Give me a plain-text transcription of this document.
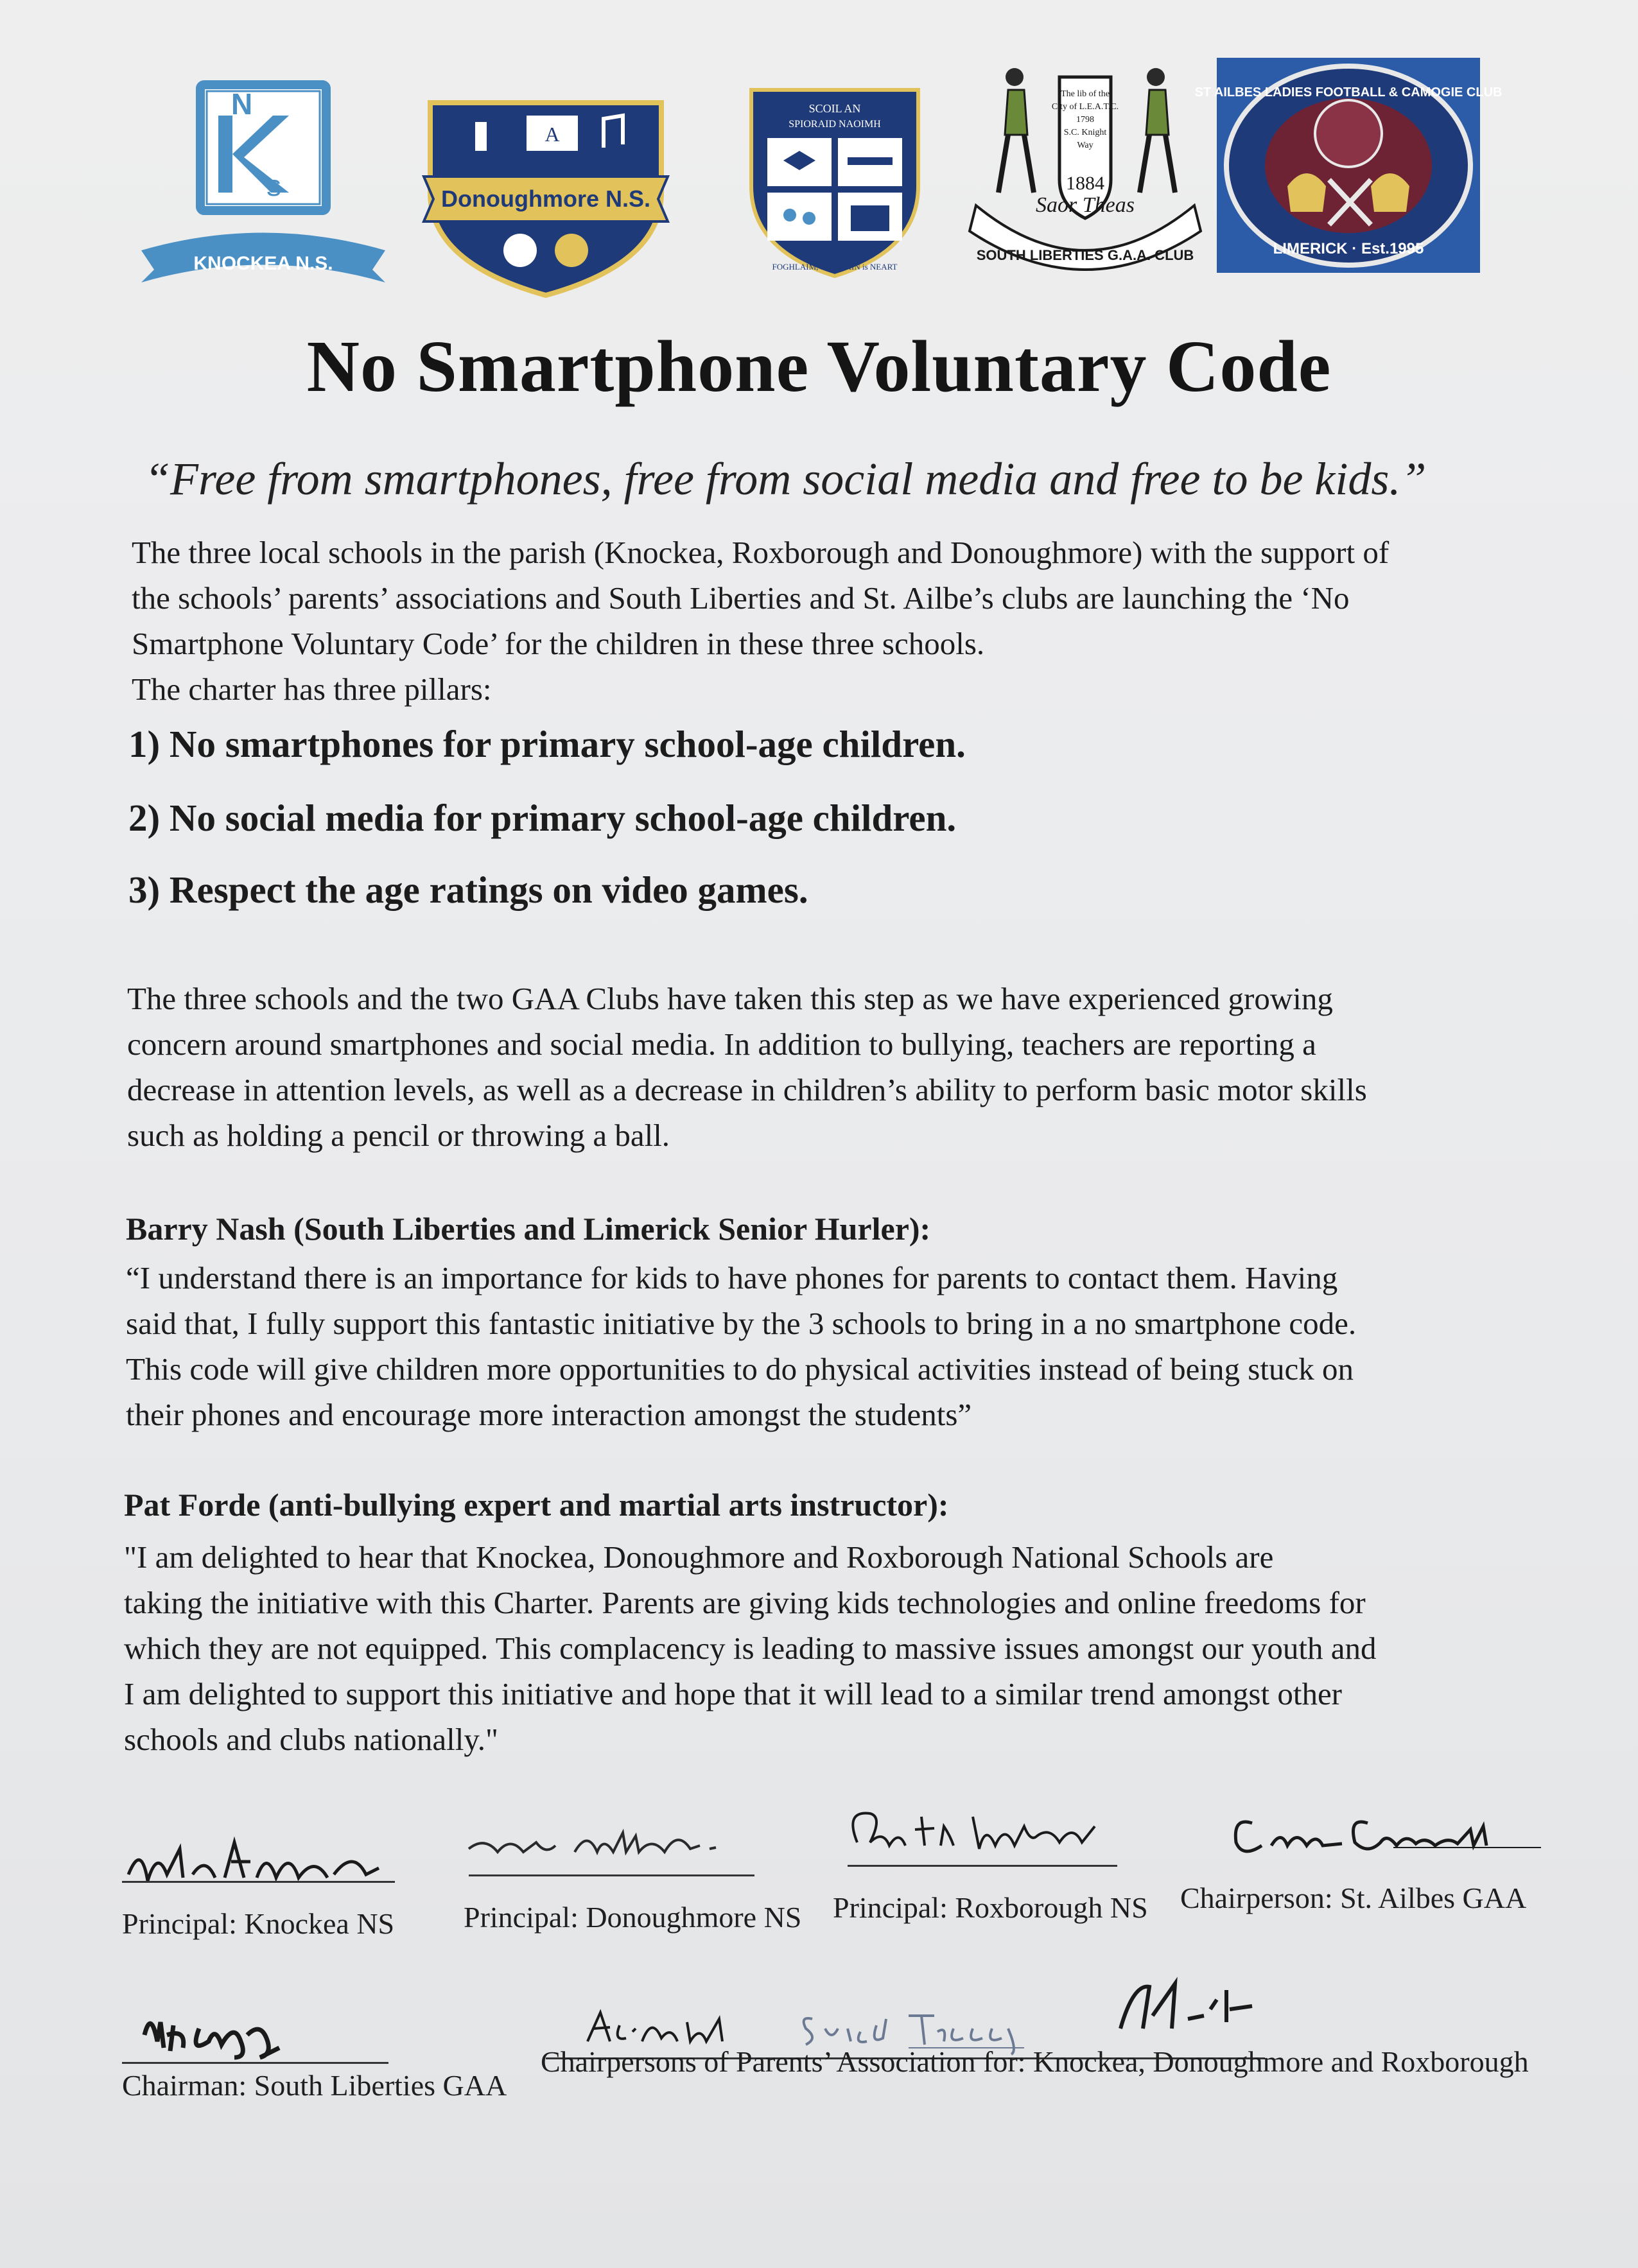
N
s
KNOCKEA N.S.
A
Donoughmore N.S.
SCOIL AN
SPIORAID NAOIMH
FOGHLAIM, SIOCHAIN is NEART
The lib of the
City of L.E.A.T.C.
1798
S.C. Knight
Way
1884
Saor Theas
SOUTH LIBERTIES G.A.A. CLUB
ST AILBES LADIES FOOTBALL & CAMOGIE CLUB
LIMERICK · Est.1995
No Smartphone Voluntary Code
“Free from smartphones, free from social media and free to be kids.”
The three local schools in the parish (Knockea, Roxborough and Donoughmore) with the support of
the schools’ parents’ associations and South Liberties and St. Ailbe’s clubs are launching the ‘No
Smartphone Voluntary Code’ for the children in these three schools.
The charter has three pillars:
1) No smartphones for primary school-age children.
2) No social media for primary school-age children.
3) Respect the age ratings on video games.
The three schools and the two GAA Clubs have taken this step as we have experienced growing
concern around smartphones and social media. In addition to bullying, teachers are reporting a
decrease in attention levels, as well as a decrease in children’s ability to perform basic motor skills
such as holding a pencil or throwing a ball.
Barry Nash (South Liberties and Limerick Senior Hurler):
“I understand there is an importance for kids to have phones for parents to contact them. Having
said that, I fully support this fantastic initiative by the 3 schools to bring in a no smartphone code.
This code will give children more opportunities to do physical activities instead of being stuck on
their phones and encourage more interaction amongst the students”
Pat Forde (anti-bullying expert and martial arts instructor):
"I am delighted to hear that Knockea, Donoughmore and Roxborough National Schools are
taking the initiative with this Charter. Parents are giving kids technologies and online freedoms for
which they are not equipped. This complacency is leading to massive issues amongst our youth and
I am delighted to support this initiative and hope that it will lead to a similar trend amongst other
schools and clubs nationally."
Principal: Knockea NS Principal: Donoughmore NS Principal: Roxborough NS Chairperson: St. Ailbes GAA
Chairman: South Liberties GAA
Chairpersons of Parents’ Association for: Knockea, Donoughmore and Roxborough
